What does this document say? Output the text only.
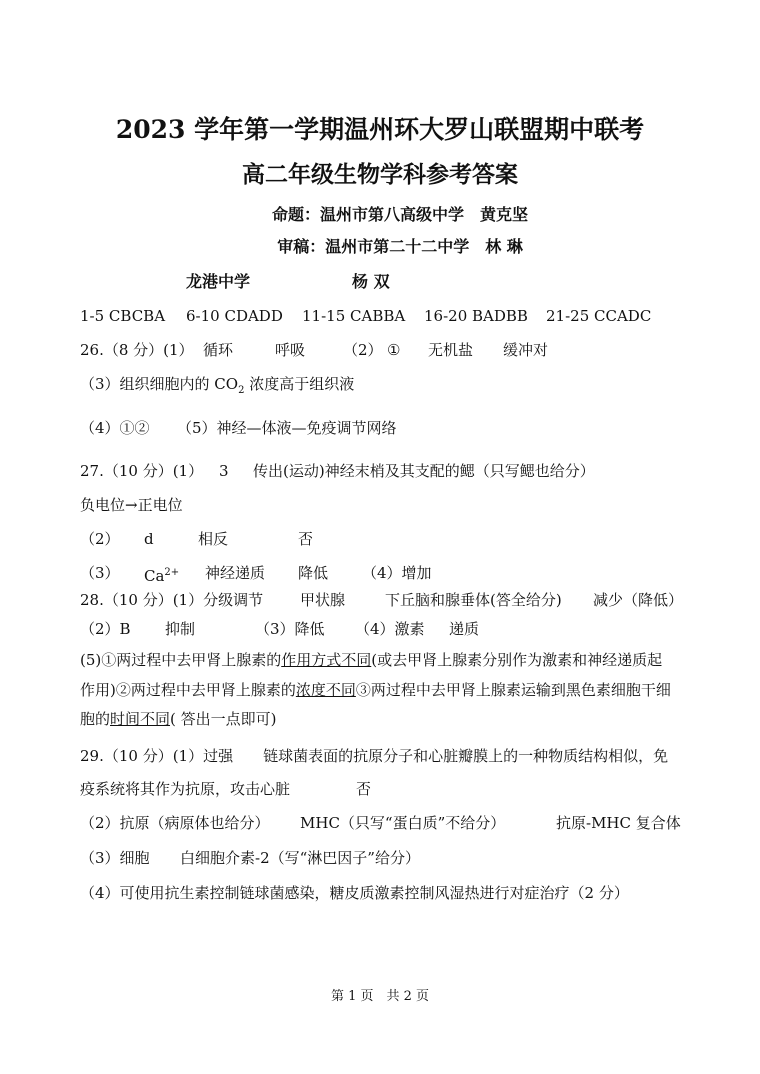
2023 学年第一学期温州环大罗山联盟期中联考
高二年级生物学科参考答案
命题：温州市第八高级中学　黄克坚
审稿：温州市第二十二中学　林 琳
龙港中学	杨 双
1-5 CBCBA 6-10 CDADD 11-15 CABBA 16-20 BADBB 21-25 CCADC
26.（8 分）(1） 循环	呼吸	（2） ① 无机盐 缓冲对
（3）组织细胞内的 $CO_2$ 浓度高于组织液
（4）①② （5）神经—体液—免疫调节网络
27.（10 分）(1） 3 传出(运动)神经末梢及其支配的鳃（只写鳃也给分）
负电位→正电位
（2） d	相反	否
（3） $Ca^{2+}$ 神经递质 降低 （4）增加
28.（10 分）(1）分级调节 甲状腺	下丘脑和腺垂体(答全给分) 减少（降低）
（2）B 抑制	（3）降低 （4）激素 递质
(5)①两过程中去甲肾上腺素的作用方式不同(或去甲肾上腺素分别作为激素和神经递质起
作用)②两过程中去甲肾上腺素的浓度不同③两过程中去甲肾上腺素运输到黑色素细胞干细
胞的时间不同( 答出一点即可)
29.（10 分）(1）过强　　链球菌表面的抗原分子和心脏瓣膜上的一种物质结构相似，免
疫系统将其作为抗原，攻击心脏	否
（2）抗原（病原体也给分） MHC（只写“蛋白质”不给分）	抗原-MHC 复合体
（3）细胞 白细胞介素-2（写“淋巴因子”给分）
（4）可使用抗生素控制链球菌感染，糖皮质激素控制风湿热进行对症治疗（2 分）
第 1 页　共 2 页
